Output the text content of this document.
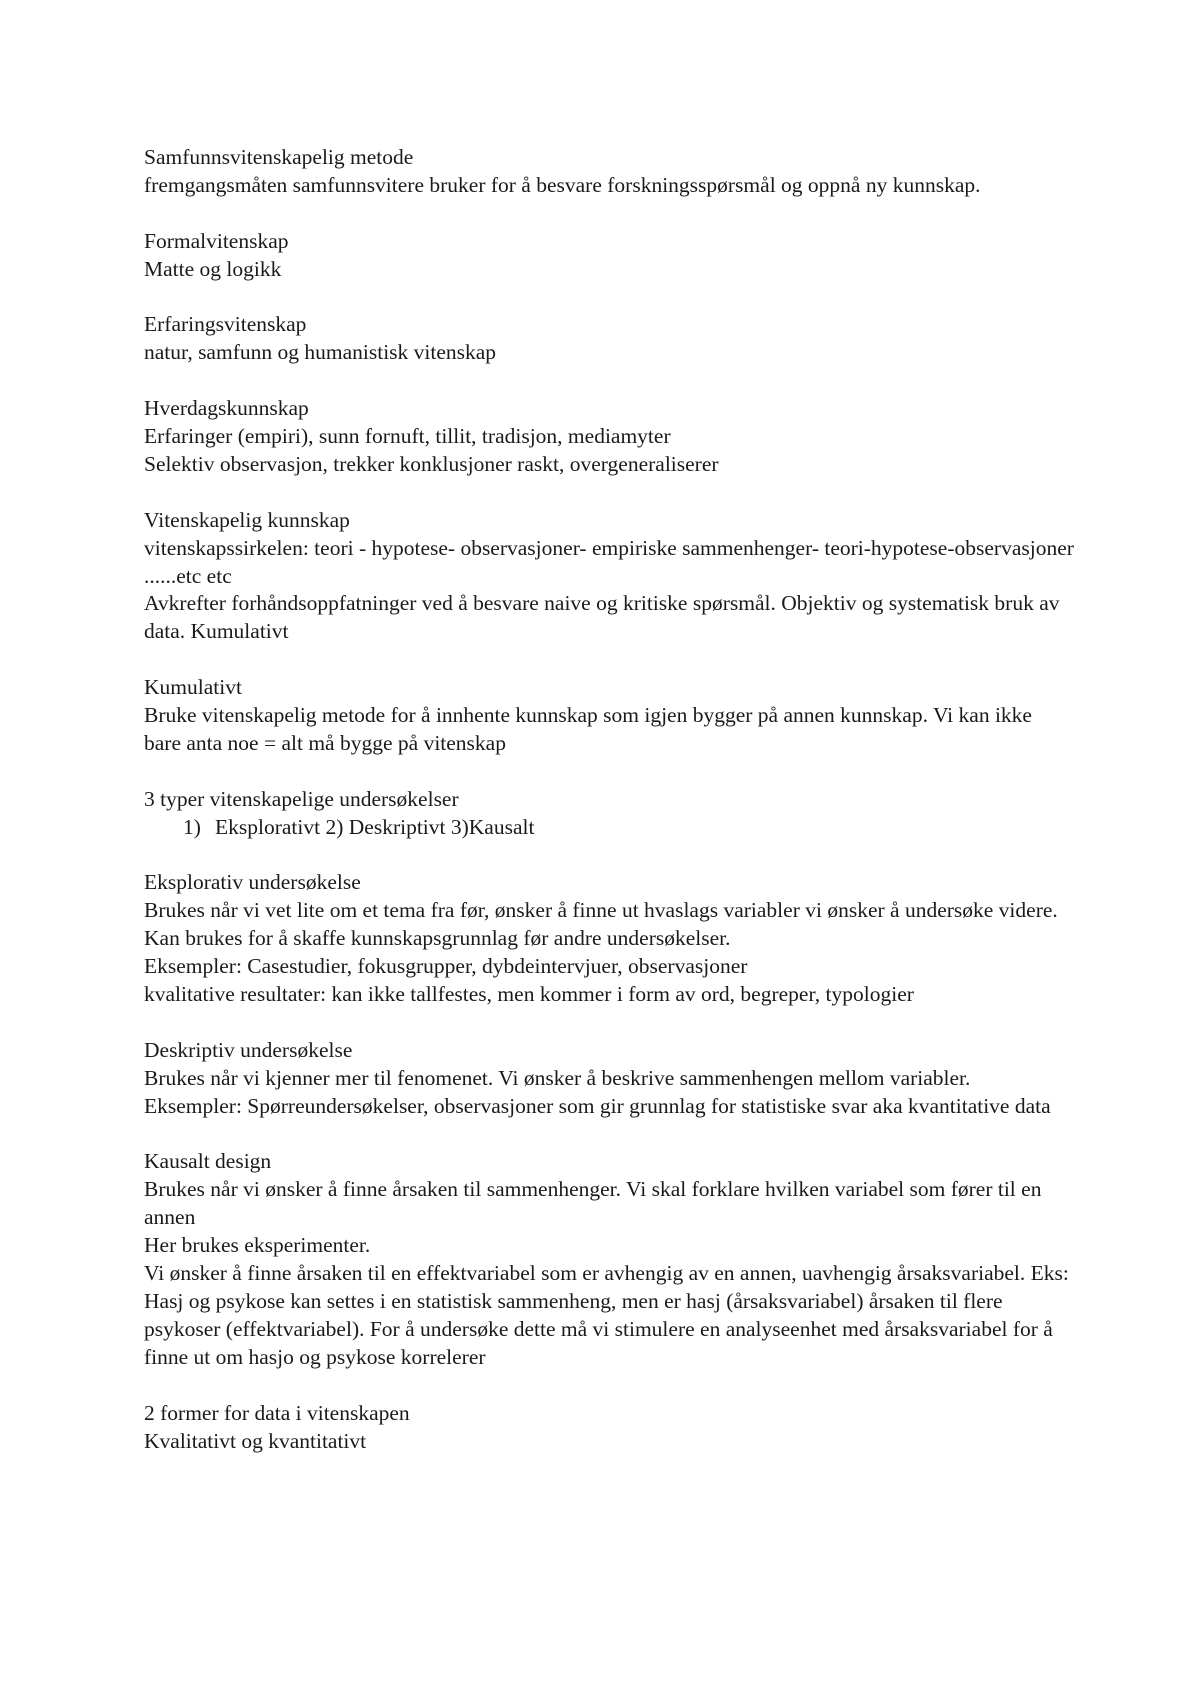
Samfunnsvitenskapelig metode
fremgangsmåten samfunnsvitere bruker for å besvare forskningsspørsmål og oppnå ny kunnskap.
Formalvitenskap
Matte og logikk
Erfaringsvitenskap
natur, samfunn og humanistisk vitenskap
Hverdagskunnskap
Erfaringer (empiri), sunn fornuft, tillit, tradisjon, mediamyter
Selektiv observasjon, trekker konklusjoner raskt, overgeneraliserer
Vitenskapelig kunnskap
vitenskapssirkelen: teori - hypotese- observasjoner- empiriske sammenhenger- teori-hypotese-observasjoner ......etc etc
Avkrefter forhåndsoppfatninger ved å besvare naive og kritiske spørsmål. Objektiv og systematisk bruk av data. Kumulativt
Kumulativt
Bruke vitenskapelig metode for å innhente kunnskap som igjen bygger på annen kunnskap. Vi kan ikke bare anta noe = alt må bygge på vitenskap
3 typer vitenskapelige undersøkelser
1) Eksplorativt 2) Deskriptivt 3)Kausalt
Eksplorativ undersøkelse
Brukes når vi vet lite om et tema fra før, ønsker å finne ut hvaslags variabler vi ønsker å undersøke videre. Kan brukes for å skaffe kunnskapsgrunnlag før andre undersøkelser.
Eksempler: Casestudier, fokusgrupper, dybdeintervjuer, observasjoner
kvalitative resultater: kan ikke tallfestes, men kommer i form av ord, begreper, typologier
Deskriptiv undersøkelse
Brukes når vi kjenner mer til fenomenet. Vi ønsker å beskrive sammenhengen mellom variabler.
Eksempler: Spørreundersøkelser, observasjoner som gir grunnlag for statistiske svar aka kvantitative data
Kausalt design
Brukes når vi ønsker å finne årsaken til sammenhenger. Vi skal forklare hvilken variabel som fører til en annen
Her brukes eksperimenter.
Vi ønsker å finne årsaken til en effektvariabel som er avhengig av en annen, uavhengig årsaksvariabel. Eks: Hasj og psykose kan settes i en statistisk sammenheng, men er hasj (årsaksvariabel) årsaken til flere psykoser (effektvariabel). For å undersøke dette må vi stimulere en analyseenhet med årsaksvariabel for å finne ut om hasjo og psykose korrelerer
2 former for data i vitenskapen
Kvalitativt og kvantitativt
